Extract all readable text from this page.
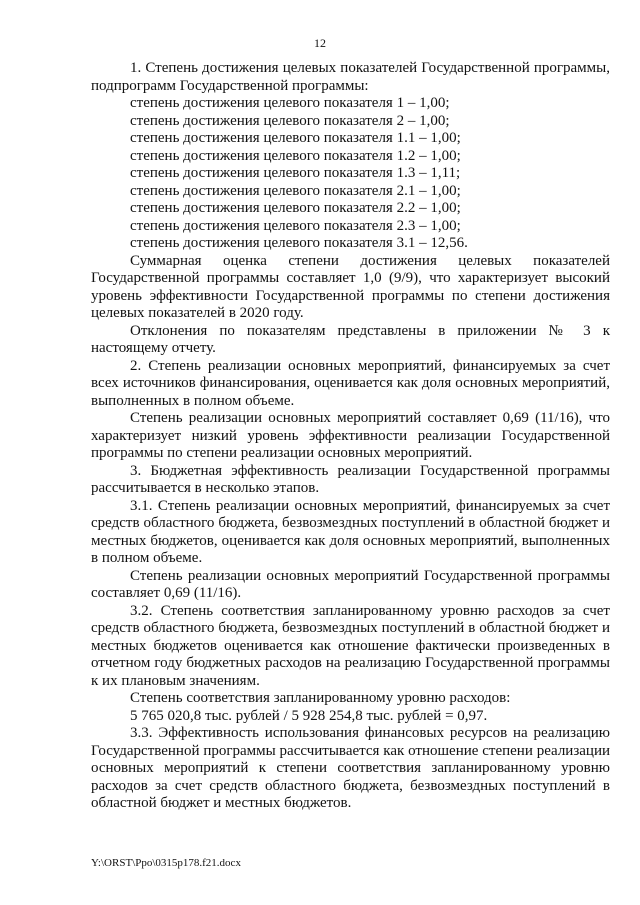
12

1. Степень достижения целевых показателей Государственной программы, подпрограмм Государственной программы:

степень достижения целевого показателя 1 – 1,00;

степень достижения целевого показателя 2 – 1,00;

степень достижения целевого показателя 1.1 – 1,00;

степень достижения целевого показателя 1.2 – 1,00;

степень достижения целевого показателя 1.3 – 1,11;

степень достижения целевого показателя 2.1 – 1,00;

степень достижения целевого показателя 2.2 – 1,00;

степень достижения целевого показателя 2.3 – 1,00;

степень достижения целевого показателя 3.1 – 12,56.

Суммарная оценка степени достижения целевых показателей Государственной программы составляет 1,0 (9/9), что характеризует высокий уровень эффективности Государственной программы по степени достижения целевых показателей в 2020 году.

Отклонения по показателям представлены в приложении № 3 к настоящему отчету.

2. Степень реализации основных мероприятий, финансируемых за счет всех источников финансирования, оценивается как доля основных мероприятий, выполненных в полном объеме.

Степень реализации основных мероприятий составляет 0,69 (11/16), что характеризует низкий уровень эффективности реализации Государственной программы по степени реализации основных мероприятий.

3. Бюджетная эффективность реализации Государственной программы рассчитывается в несколько этапов.

3.1. Степень реализации основных мероприятий, финансируемых за счет средств областного бюджета, безвозмездных поступлений в областной бюджет и местных бюджетов, оценивается как доля основных мероприятий, выполненных в полном объеме.

Степень реализации основных мероприятий Государственной программы составляет 0,69 (11/16).

3.2. Степень соответствия запланированному уровню расходов за счет средств областного бюджета, безвозмездных поступлений в областной бюджет и местных бюджетов оценивается как отношение фактически произведенных в отчетном году бюджетных расходов на реализацию Государственной программы к их плановым значениям.

Степень соответствия запланированному уровню расходов:

5 765 020,8 тыс. рублей / 5 928 254,8 тыс. рублей = 0,97.

3.3. Эффективность использования финансовых ресурсов на реализацию Государственной программы рассчитывается как отношение степени реализации основных мероприятий к степени соответствия запланированному уровню расходов за счет средств областного бюджета, безвозмездных поступлений в областной бюджет и местных бюджетов.

Y:\ORST\Ppo\0315p178.f21.docx
